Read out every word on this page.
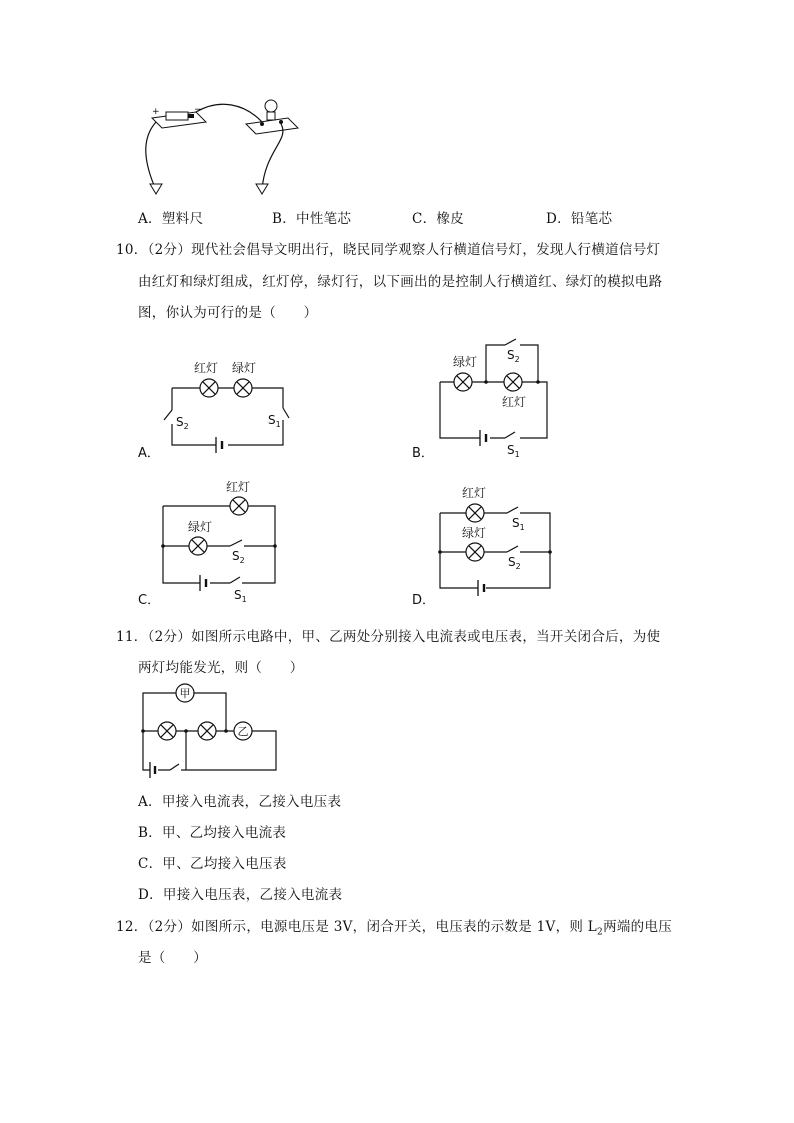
+	−
A．塑料尺	B．中性笔芯	C．橡皮	D．铅笔芯
10．（2分）现代社会倡导文明出行，晓民同学观察人行横道信号灯，发现人行横道信号灯
由红灯和绿灯组成，红灯停，绿灯行，以下画出的是控制人行横道红、绿灯的模拟电路
图，你认为可行的是（　　）
红灯 绿灯
$S_2$	$S_1$
A．
绿灯
红灯
$S_2$
$S_1$
B．
红灯
绿灯
$S_2$
$S_1$
C．
红灯
绿灯
$S_1$
$S_2$
D．
11．（2分）如图所示电路中，甲、乙两处分别接入电流表或电压表，当开关闭合后，为使
两灯均能发光，则（　　）
甲
乙
A．甲接入电流表，乙接入电压表
B．甲、乙均接入电流表
C．甲、乙均接入电压表
D．甲接入电压表，乙接入电流表
12．（2分）如图所示，电源电压是 3V，闭合开关，电压表的示数是 1V，则 $L_2$两端的电压
是（　　）
